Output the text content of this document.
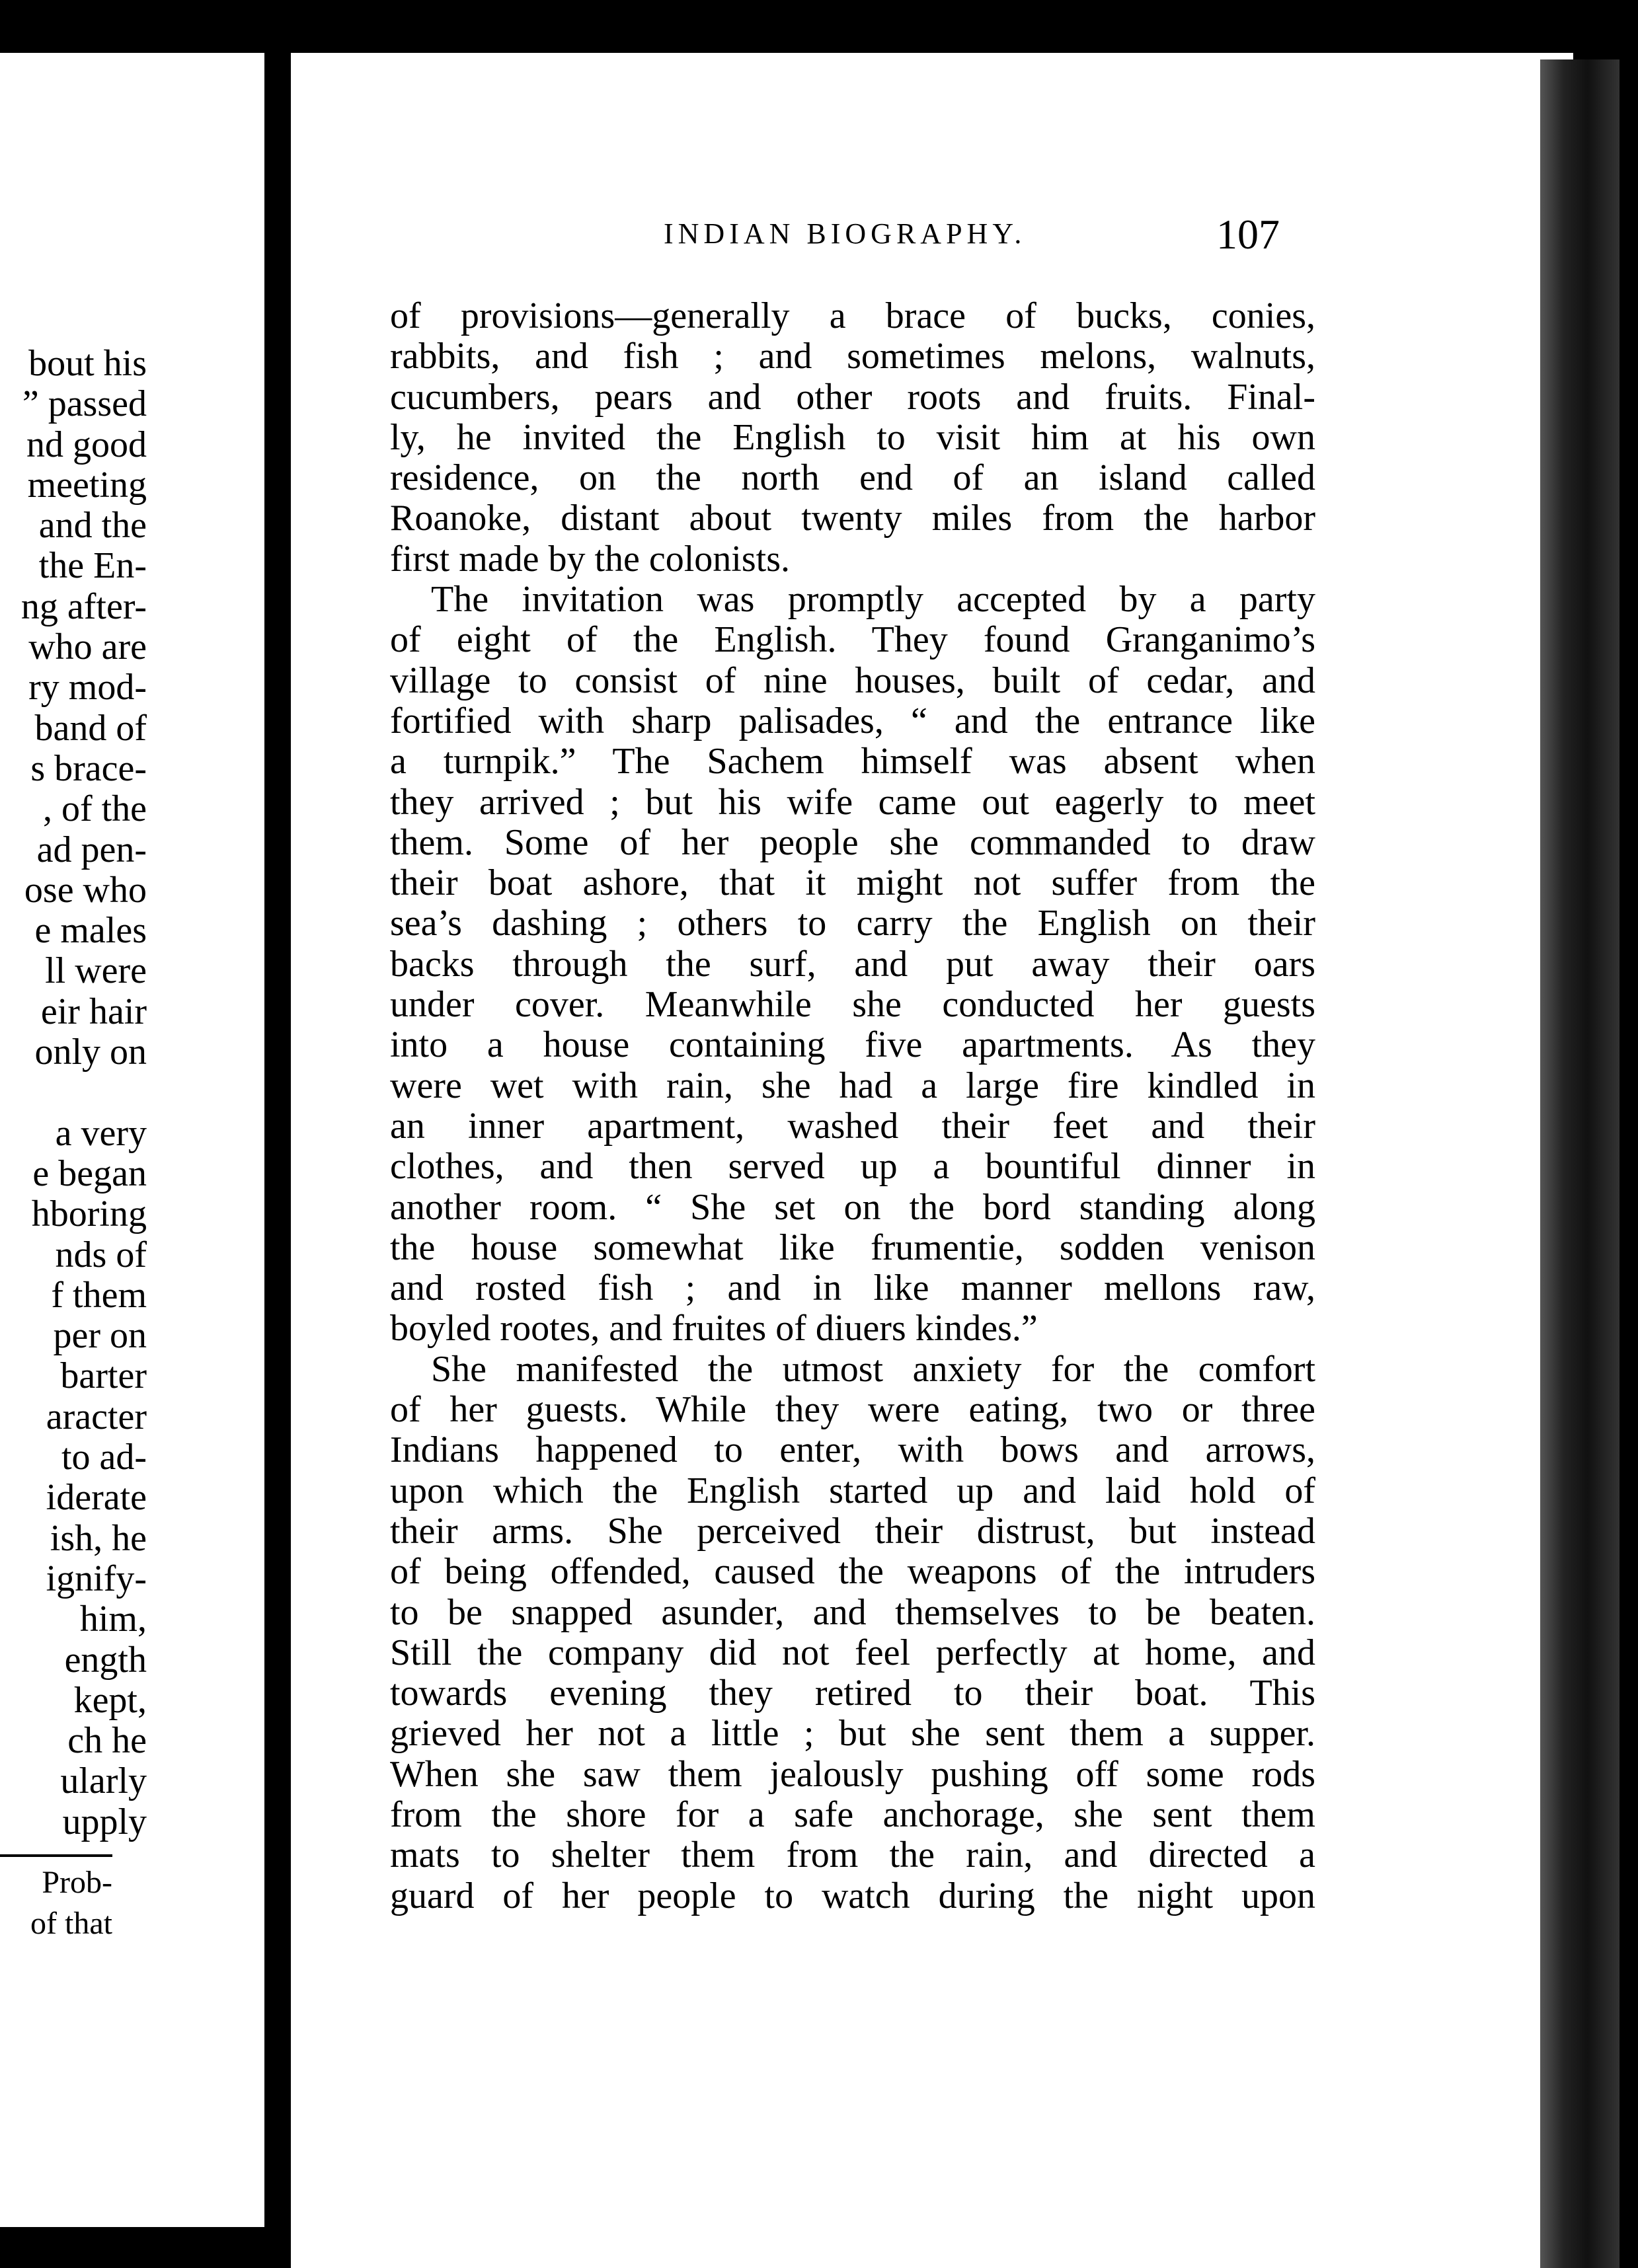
bout his
” passed
nd good
meeting
and the
the En-
ng after-
who are
ry mod-
band of
s brace-
, of the
ad pen-
ose who
e males
ll were
eir hair
only on
a very
e began
hboring
nds of
f them
per on
barter
aracter
to ad-
iderate
ish, he
ignify-
him,
ength
kept,
ch he
ularly
upply
Prob-
of that
INDIAN BIOGRAPHY.	107
of provisions—generally a brace of bucks, conies,
rabbits, and fish ; and sometimes melons, walnuts,
cucumbers, pears and other roots and fruits. Final-
ly, he invited the English to visit him at his own
residence, on the north end of an island called
Roanoke, distant about twenty miles from the harbor
first made by the colonists.
The invitation was promptly accepted by a party
of eight of the English. They found Granganimo’s
village to consist of nine houses, built of cedar, and
fortified with sharp palisades, “ and the entrance like
a turnpik.” The Sachem himself was absent when
they arrived ; but his wife came out eagerly to meet
them. Some of her people she commanded to draw
their boat ashore, that it might not suffer from the
sea’s dashing ; others to carry the English on their
backs through the surf, and put away their oars
under cover. Meanwhile she conducted her guests
into a house containing five apartments. As they
were wet with rain, she had a large fire kindled in
an inner apartment, washed their feet and their
clothes, and then served up a bountiful dinner in
another room. “ She set on the bord standing along
the house somewhat like frumentie, sodden venison
and rosted fish ; and in like manner mellons raw,
boyled rootes, and fruites of diuers kindes.”
She manifested the utmost anxiety for the comfort
of her guests. While they were eating, two or three
Indians happened to enter, with bows and arrows,
upon which the English started up and laid hold of
their arms. She perceived their distrust, but instead
of being offended, caused the weapons of the intruders
to be snapped asunder, and themselves to be beaten.
Still the company did not feel perfectly at home, and
towards evening they retired to their boat. This
grieved her not a little ; but she sent them a supper.
When she saw them jealously pushing off some rods
from the shore for a safe anchorage, she sent them
mats to shelter them from the rain, and directed a
guard of her people to watch during the night upon
